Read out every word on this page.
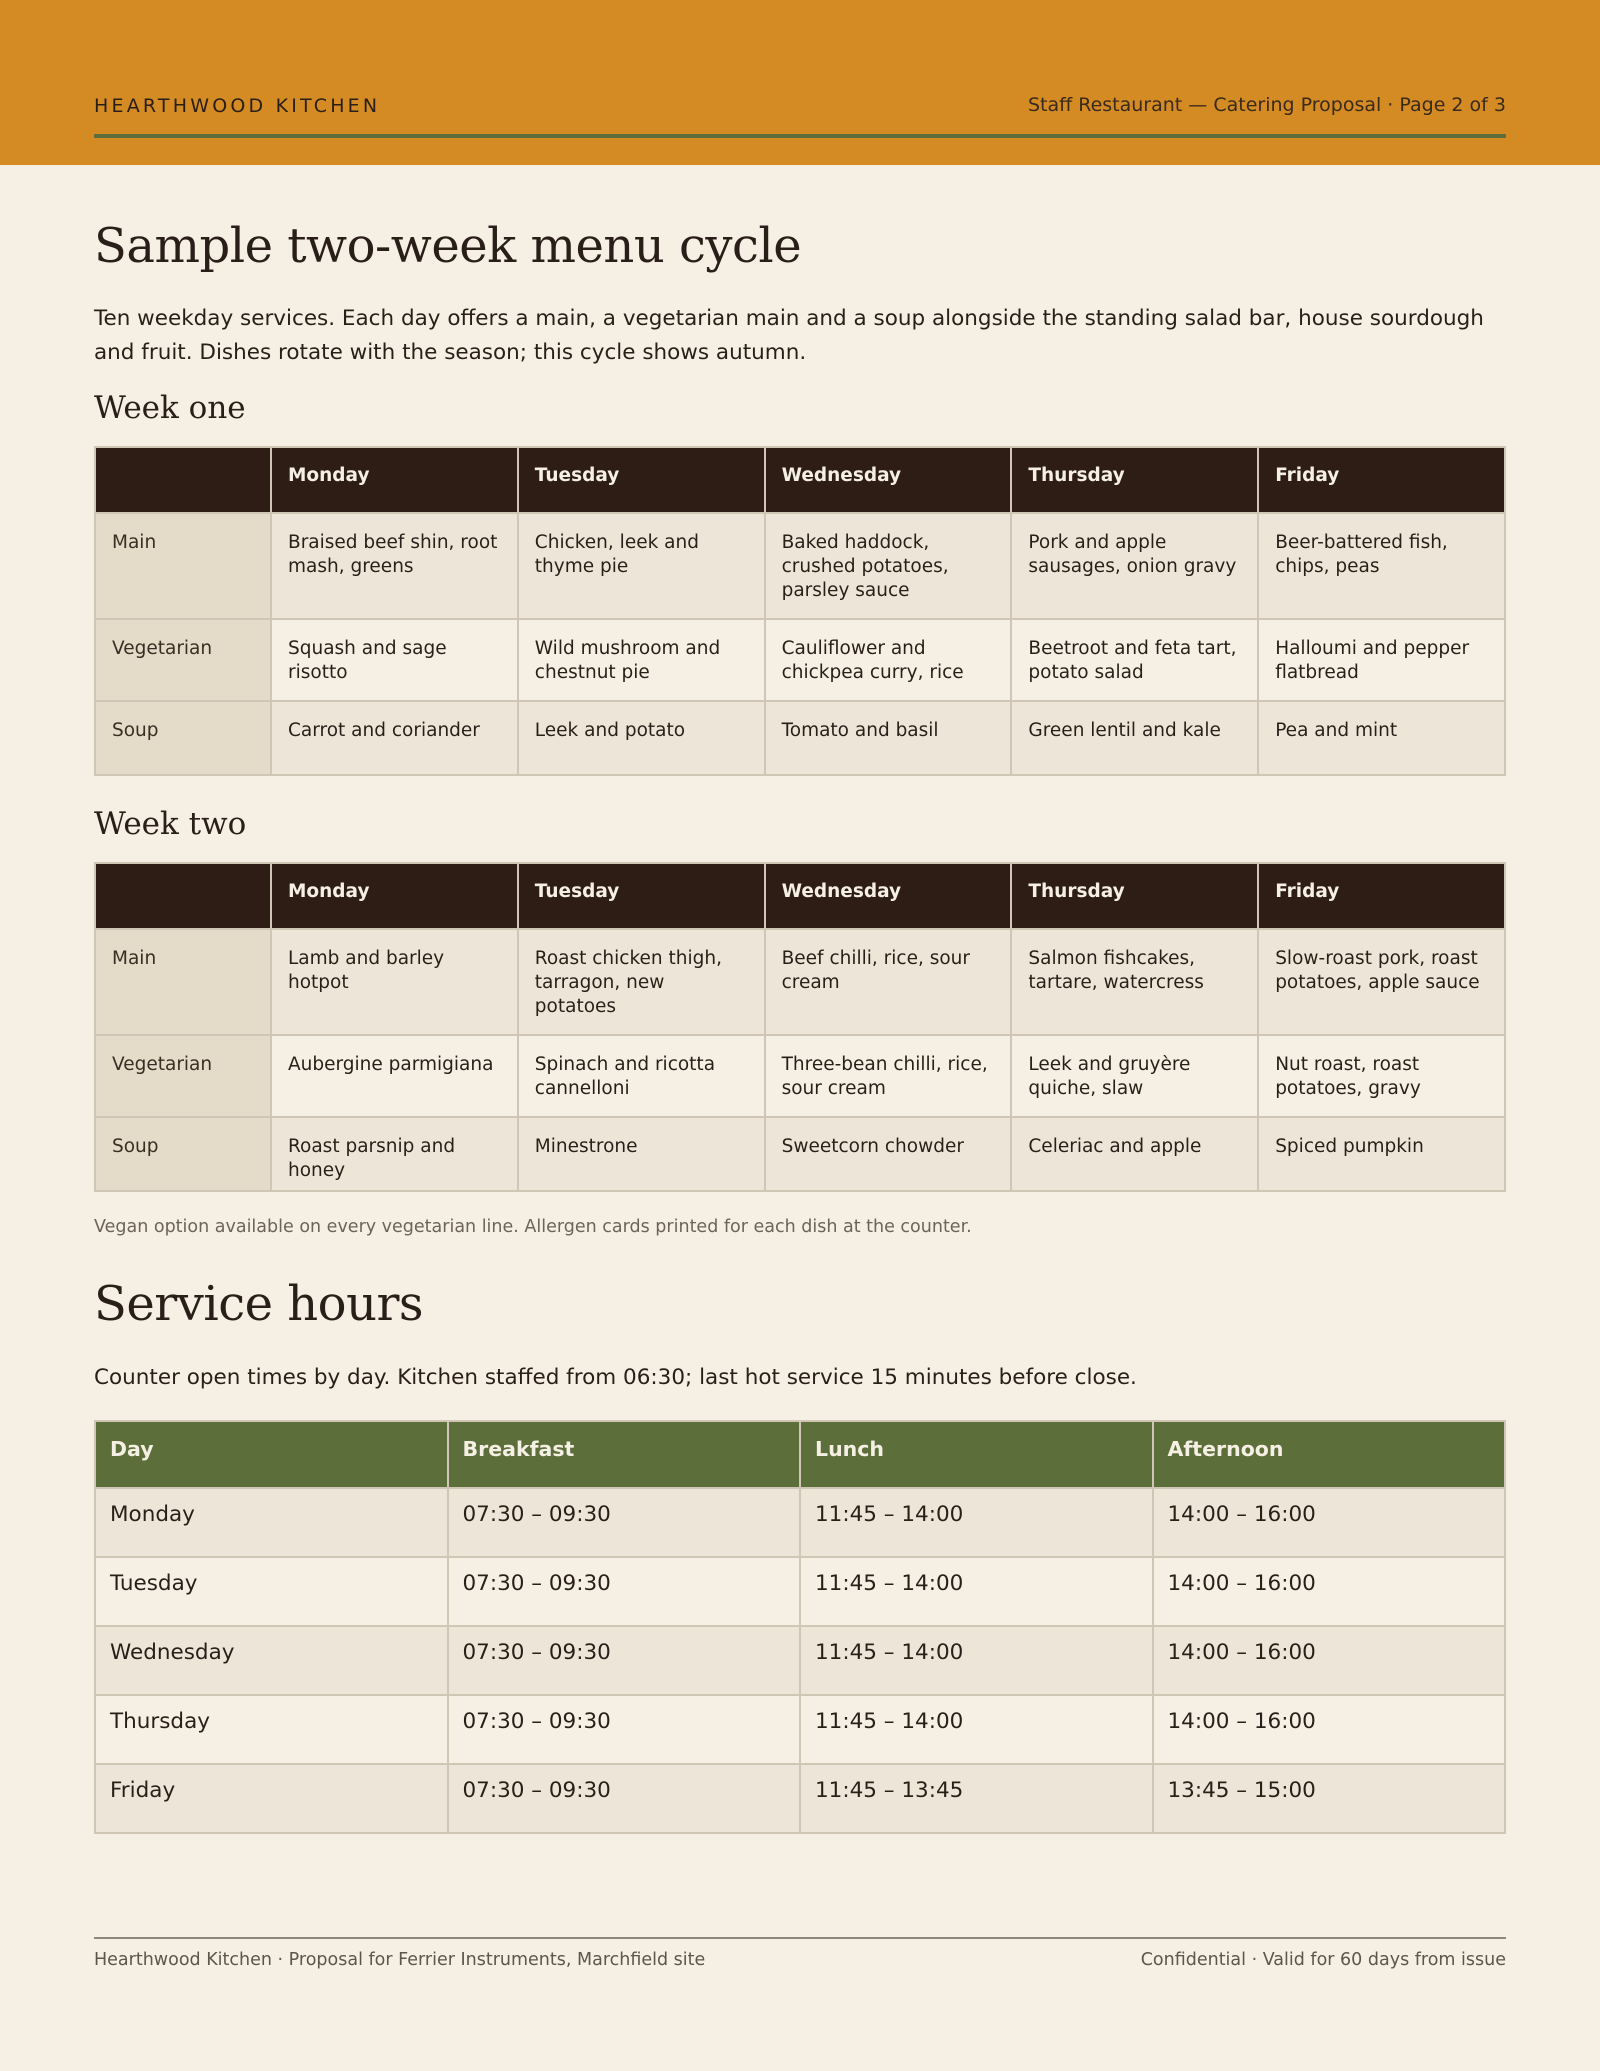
HEARTHWOOD KITCHEN	Staff Restaurant — Catering Proposal · Page 2 of 3
Sample two-week menu cycle

Ten weekday services. Each day offers a main, a vegetarian main and a soup alongside the standing salad bar, house sourdough and fruit. Dishes rotate with the season; this cycle shows autumn.

Week one
	Monday	Tuesday	Wednesday	Thursday	Friday
Main	Braised beef shin, root mash, greens	Chicken, leek and thyme pie	Baked haddock, crushed potatoes, parsley sauce	Pork and apple sausages, onion gravy	Beer-battered fish, chips, peas
Vegetarian	Squash and sage risotto	Wild mushroom and chestnut pie	Cauliflower and chickpea curry, rice	Beetroot and feta tart, potato salad	Halloumi and pepper flatbread
Soup	Carrot and coriander	Leek and potato	Tomato and basil	Green lentil and kale	Pea and mint
Week two
	Monday	Tuesday	Wednesday	Thursday	Friday
Main	Lamb and barley hotpot	Roast chicken thigh, tarragon, new potatoes	Beef chilli, rice, sour cream	Salmon fishcakes, tartare, watercress	Slow-roast pork, roast potatoes, apple sauce
Vegetarian	Aubergine parmigiana	Spinach and ricotta cannelloni	Three-bean chilli, rice, sour cream	Leek and gruyère quiche, slaw	Nut roast, roast potatoes, gravy
Soup	Roast parsnip and honey	Minestrone	Sweetcorn chowder	Celeriac and apple	Spiced pumpkin
Vegan option available on every vegetarian line. Allergen cards printed for each dish at the counter.
Service hours

Counter open times by day. Kitchen staffed from 06:30; last hot service 15 minutes before close.

Day	Breakfast	Lunch	Afternoon
Monday	07:30 – 09:30	11:45 – 14:00	14:00 – 16:00
Tuesday	07:30 – 09:30	11:45 – 14:00	14:00 – 16:00
Wednesday	07:30 – 09:30	11:45 – 14:00	14:00 – 16:00
Thursday	07:30 – 09:30	11:45 – 14:00	14:00 – 16:00
Friday	07:30 – 09:30	11:45 – 13:45	13:45 – 15:00
Hearthwood Kitchen · Proposal for Ferrier Instruments, Marchfield site	Confidential · Valid for 60 days from issue
